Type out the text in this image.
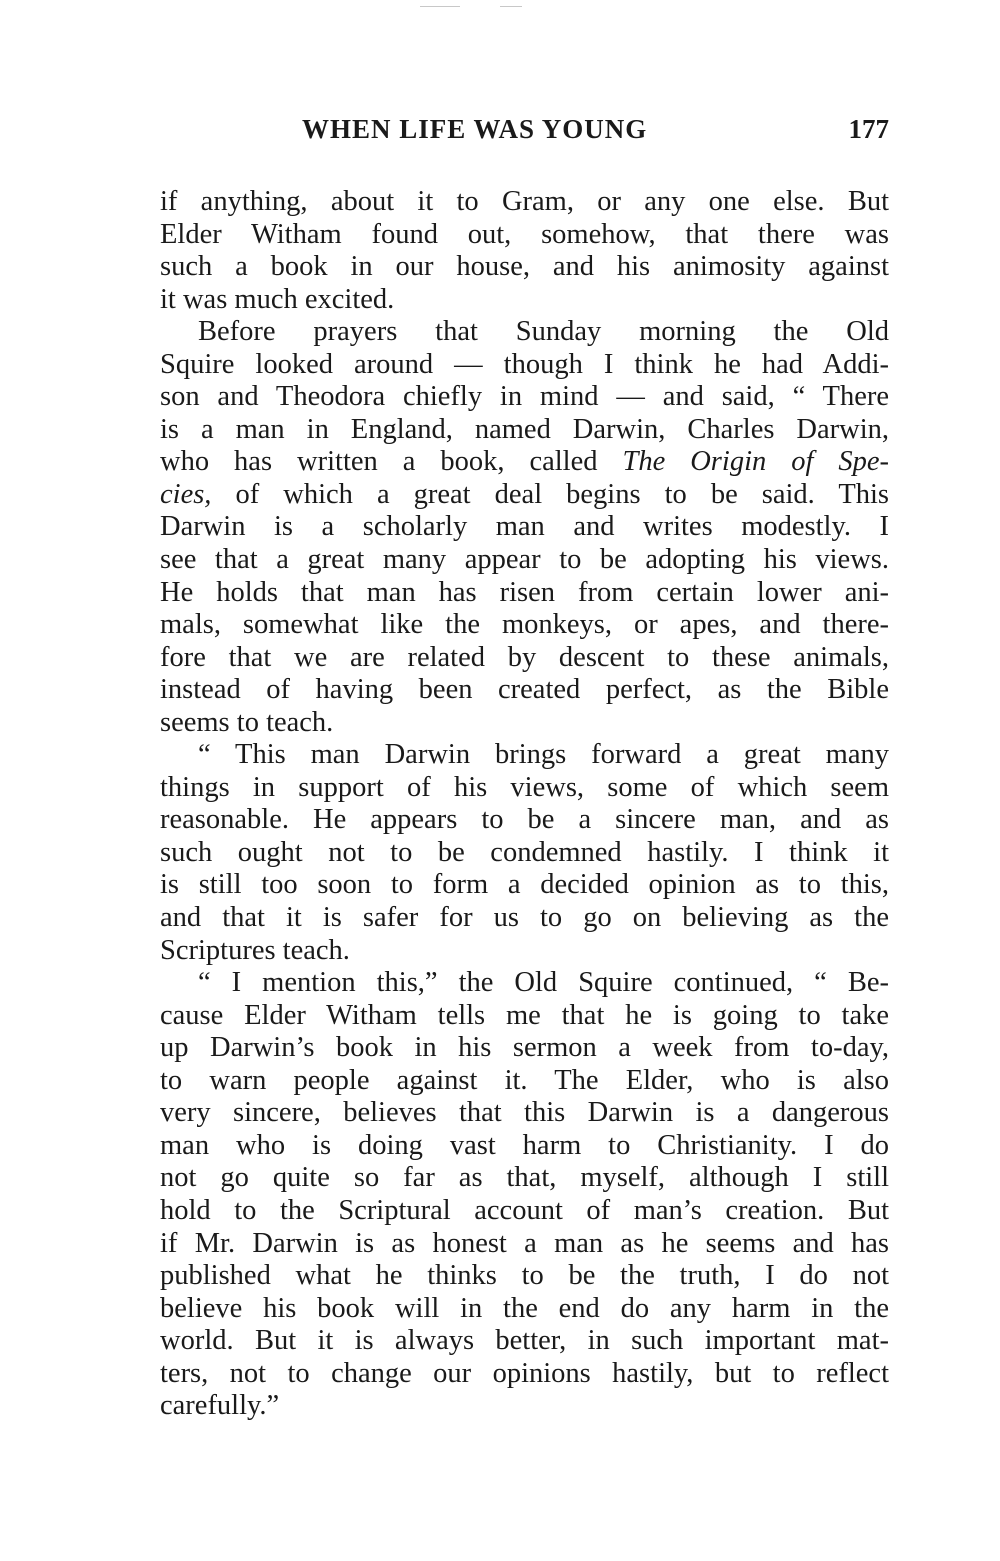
WHEN LIFE WAS YOUNG	177
if anything, about it to Gram, or any one else. But
Elder Witham found out, somehow, that there was
such a book in our house, and his animosity against
it was much excited.
Before prayers that Sunday morning the Old
Squire looked around — though I think he had Addi-
son and Theodora chiefly in mind — and said, “ There
is a man in England, named Darwin, Charles Darwin,
who has written a book, called The Origin of Spe-
cies, of which a great deal begins to be said. This
Darwin is a scholarly man and writes modestly. I
see that a great many appear to be adopting his views.
He holds that man has risen from certain lower ani-
mals, somewhat like the monkeys, or apes, and there-
fore that we are related by descent to these animals,
instead of having been created perfect, as the Bible
seems to teach.
“ This man Darwin brings forward a great many
things in support of his views, some of which seem
reasonable. He appears to be a sincere man, and as
such ought not to be condemned hastily. I think it
is still too soon to form a decided opinion as to this,
and that it is safer for us to go on believing as the
Scriptures teach.
“ I mention this,” the Old Squire continued, “ Be-
cause Elder Witham tells me that he is going to take
up Darwin’s book in his sermon a week from to-day,
to warn people against it. The Elder, who is also
very sincere, believes that this Darwin is a dangerous
man who is doing vast harm to Christianity. I do
not go quite so far as that, myself, although I still
hold to the Scriptural account of man’s creation. But
if Mr. Darwin is as honest a man as he seems and has
published what he thinks to be the truth, I do not
believe his book will in the end do any harm in the
world. But it is always better, in such important mat-
ters, not to change our opinions hastily, but to reflect
carefully.”
